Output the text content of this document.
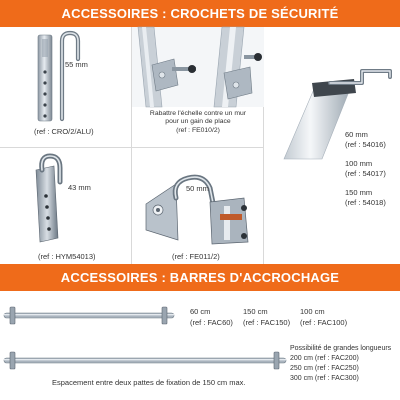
ACCESSOIRES : CROCHETS DE SÉCURITÉ
ACCESSOIRES : BARRES D'ACCROCHAGE
55 mm
(ref : CRO/2/ALU)
Rabattre l'échelle contre un mur
pour un gain de place
(ref : FE010/2)	60 mm
(ref : 54016)
100 mm
(ref : 54017)
150 mm
(ref : 54018)
43 mm
(ref : HYM54013)
50 mm
(ref : FE011/2)
60 cm
(ref : FAC60)
150 cm
(ref : FAC150)
100 cm
(ref : FAC100)
Possibilité de grandes longueurs
200 cm (ref : FAC200)
250 cm (ref : FAC250)
300 cm (ref : FAC300)
Espacement entre deux pattes de fixation de 150 cm max.
